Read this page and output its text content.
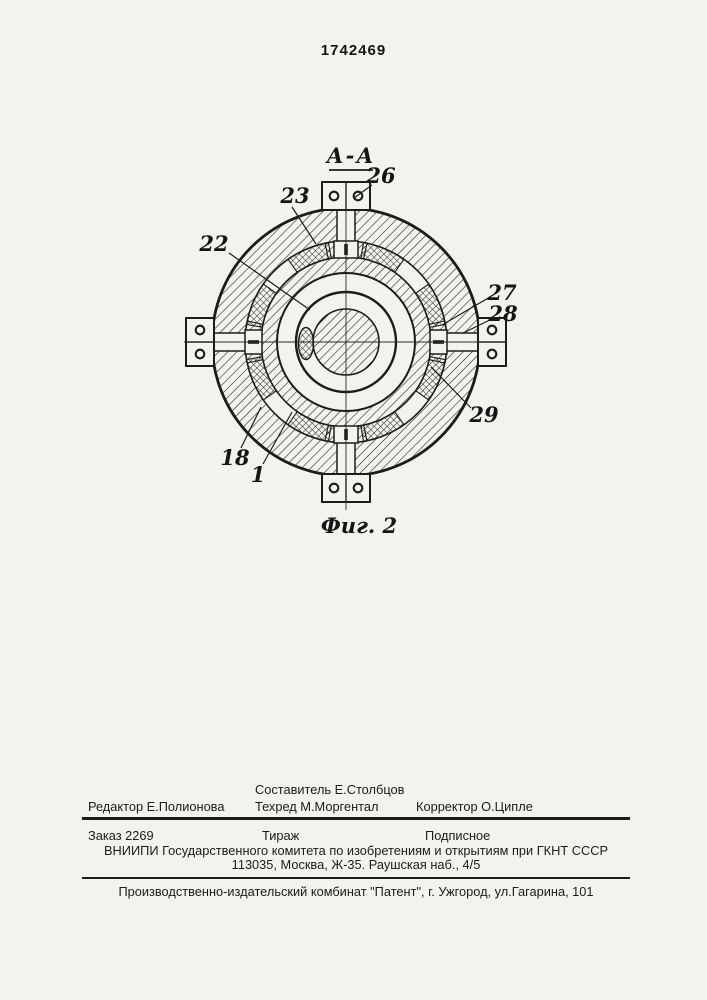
1742469
А-А
23
22
26
27
28
29
18
1
Фиг. 2
Составитель Е.Столбцов
Редактор Е.Полионова Техред М.Моргентал	Корректор О.Ципле
Заказ 2269	Тираж	Подписное
ВНИИПИ Государственного комитета по изобретениям и открытиям при ГКНТ СССР
113035, Москва, Ж-35. Раушская наб., 4/5
Производственно-издательский комбинат "Патент", г. Ужгород, ул.Гагарина, 101
